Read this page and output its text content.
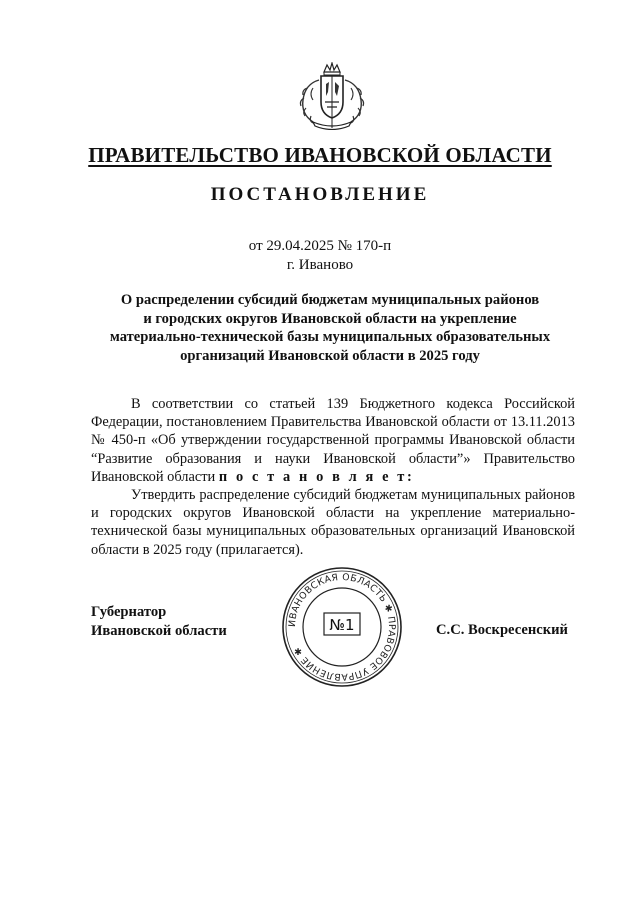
ПРАВИТЕЛЬСТВО ИВАНОВСКОЙ ОБЛАСТИ
ПОСТАНОВЛЕНИЕ
от 29.04.2025 № 170-п
г. Иваново
О распределении субсидий бюджетам муниципальных районов
и городских округов Ивановской области на укрепление
материально-технической базы муниципальных образовательных
организаций Ивановской области в 2025 году

В соответствии со статьей 139 Бюджетного кодекса Российской Федерации, постановлением Правительства Ивановской области от 13.11.2013 № 450-п «Об утверждении государственной программы Ивановской области “Развитие образования и науки Ивановской области”» Правительство Ивановской области п о с т а н о в л я е т:

Утвердить распределение субсидий бюджетам муниципальных районов и городских округов Ивановской области на укрепление материально-технической базы муниципальных образовательных организаций Ивановской области в 2025 году (прилагается).

Губернатор
Ивановской области	ИВАНОВСКАЯ ОБЛАСТЬ ✱ ПРАВОВОЕ УПРАВЛЕНИЕ ✱
№1	С.С. Воскресенский
